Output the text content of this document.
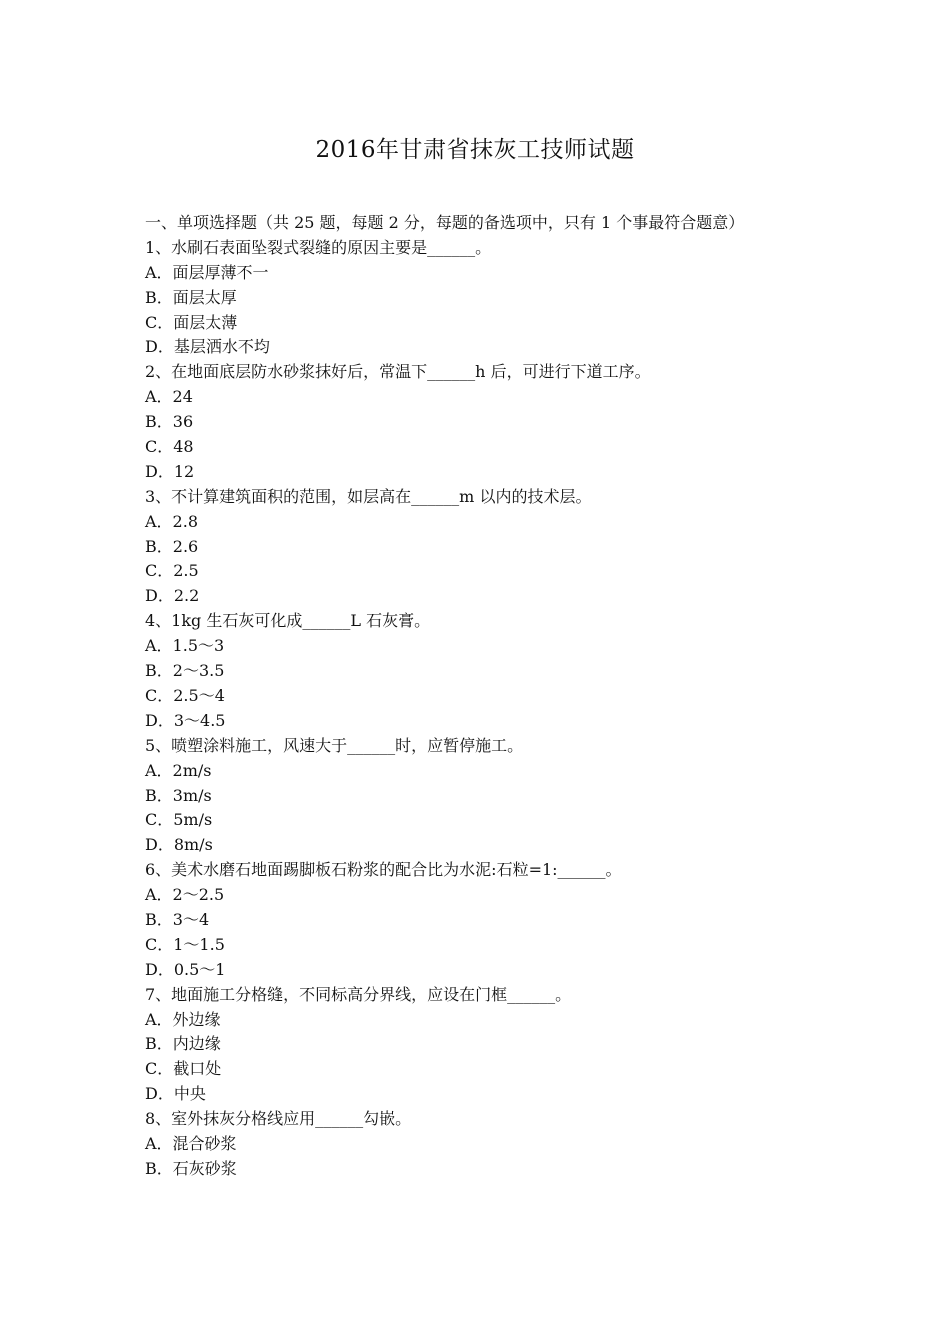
2016年甘肃省抹灰工技师试题
一、单项选择题（共 25 题，每题 2 分，每题的备选项中，只有 1 个事最符合题意）
1、水刷石表面坠裂式裂缝的原因主要是______。
A．面层厚薄不一
B．面层太厚
C．面层太薄
D．基层洒水不均
2、在地面底层防水砂浆抹好后，常温下______h 后，可进行下道工序。
A．24
B．36
C．48
D．12
3、不计算建筑面积的范围，如层高在______m 以内的技术层。
A．2.8
B．2.6
C．2.5
D．2.2
4、1kg 生石灰可化成______L 石灰膏。
A．1.5～3
B．2～3.5
C．2.5～4
D．3～4.5
5、喷塑涂料施工，风速大于______时，应暂停施工。
A．2m/s
B．3m/s
C．5m/s
D．8m/s
6、美术水磨石地面踢脚板石粉浆的配合比为水泥:石粒=1:______。
A．2～2.5
B．3～4
C．1～1.5
D．0.5～1
7、地面施工分格缝，不同标高分界线，应设在门框______。
A．外边缘
B．内边缘
C．截口处
D．中央
8、室外抹灰分格线应用______勾嵌。
A．混合砂浆
B．石灰砂浆
